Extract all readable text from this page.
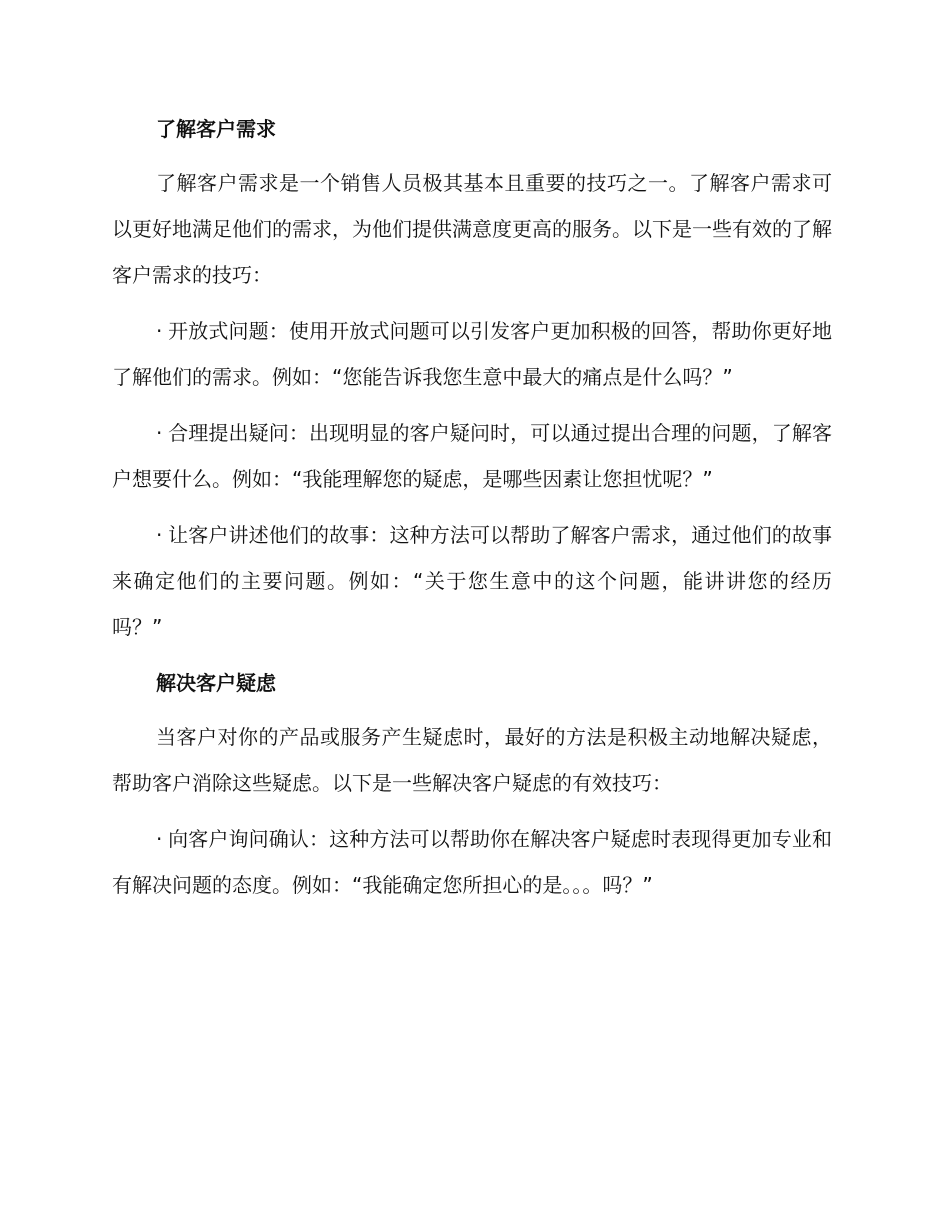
了解客户需求

了解客户需求是一个销售人员极其基本且重要的技巧之一。了解客户需求可以更好地满足他们的需求，为他们提供满意度更高的服务。以下是一些有效的了解客户需求的技巧：

· 开放式问题：使用开放式问题可以引发客户更加积极的回答，帮助你更好地了解他们的需求。例如：“您能告诉我您生意中最大的痛点是什么吗？”

· 合理提出疑问：出现明显的客户疑问时，可以通过提出合理的问题，了解客户想要什么。例如：“我能理解您的疑虑，是哪些因素让您担忧呢？”

· 让客户讲述他们的故事：这种方法可以帮助了解客户需求，通过他们的故事来确定他们的主要问题。例如：“关于您生意中的这个问题，能讲讲您的经历吗？”

解决客户疑虑

当客户对你的产品或服务产生疑虑时，最好的方法是积极主动地解决疑虑，帮助客户消除这些疑虑。以下是一些解决客户疑虑的有效技巧：

· 向客户询问确认：这种方法可以帮助你在解决客户疑虑时表现得更加专业和有解决问题的态度。例如：“我能确定您所担心的是。。。吗？”
